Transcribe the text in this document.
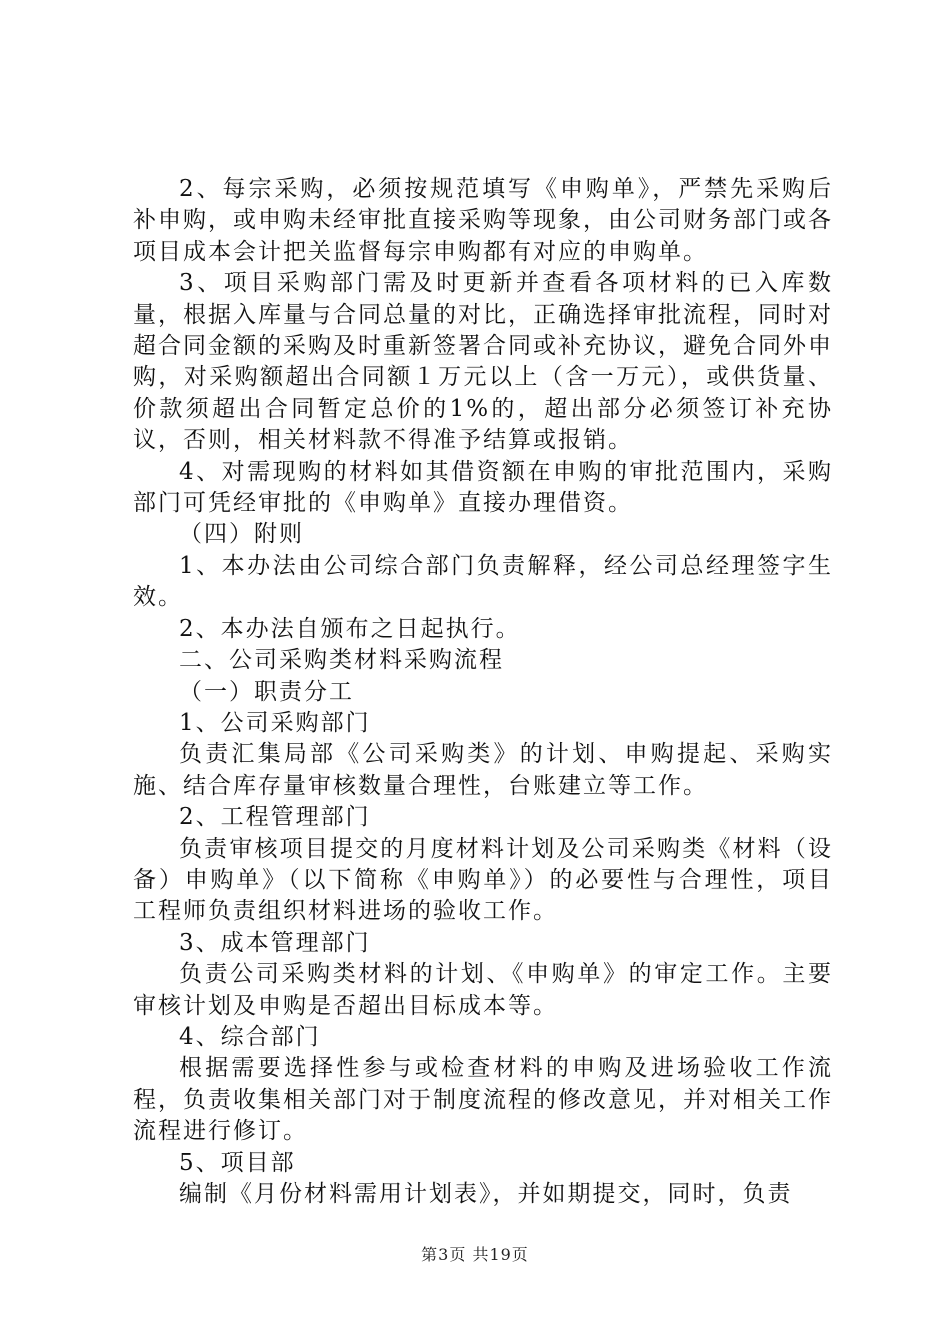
2、每宗采购，必须按规范填写《申购单》，严禁先采购后补申购，或申购未经审批直接采购等现象，由公司财务部门或各项目成本会计把关监督每宗申购都有对应的申购单。

3、项目采购部门需及时更新并查看各项材料的已入库数量，根据入库量与合同总量的对比，正确选择审批流程，同时对超合同金额的采购及时重新签署合同或补充协议，避免合同外申购，对采购额超出合同额１万元以上（含一万元），或供货量、价款须超出合同暂定总价的1%的，超出部分必须签订补充协议，否则，相关材料款不得准予结算或报销。

4、对需现购的材料如其借资额在申购的审批范围内，采购部门可凭经审批的《申购单》直接办理借资。

（四）附则

1、本办法由公司综合部门负责解释，经公司总经理签字生效。

2、本办法自颁布之日起执行。

二、公司采购类材料采购流程

（一）职责分工

1、公司采购部门

负责汇集局部《公司采购类》的计划、申购提起、采购实施、结合库存量审核数量合理性，台账建立等工作。

2、工程管理部门

负责审核项目提交的月度材料计划及公司采购类《材料（设备）申购单》（以下简称《申购单》）的必要性与合理性，项目工程师负责组织材料进场的验收工作。

3、成本管理部门

负责公司采购类材料的计划、《申购单》的审定工作。主要审核计划及申购是否超出目标成本等。

4、综合部门

根据需要选择性参与或检查材料的申购及进场验收工作流程，负责收集相关部门对于制度流程的修改意见，并对相关工作流程进行修订。

5、项目部

编制《月份材料需用计划表》，并如期提交，同时，负责

第3页 共19页
